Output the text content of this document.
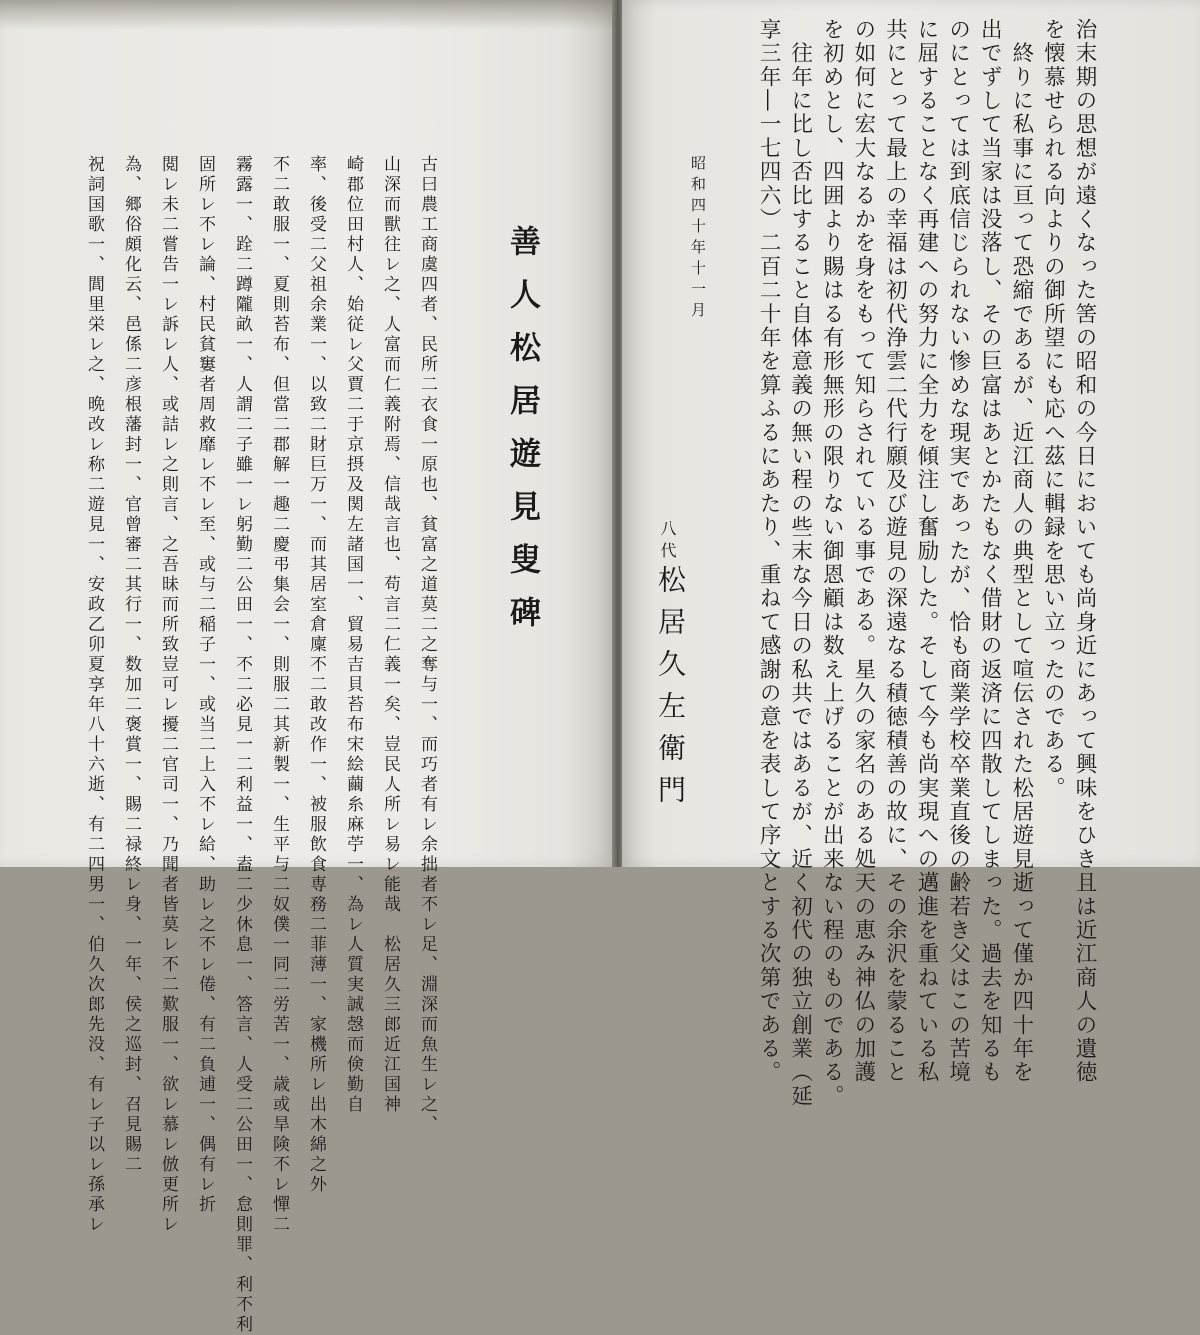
善人松居遊見叟碑
古曰農工商虞四者、民所二衣食一原也、貧富之道莫二之奪与一、而巧者有レ余拙者不レ足、淵深而魚生レ之、
山深而獸往レ之、人富而仁義附焉、信哉言也、苟言二仁義一矣、豈民人所レ易レ能哉　松居久三郎近江国神
崎郡位田村人、始従レ父賈二于京摂及関左諸国一、貿易吉貝苔布宋絵繭糸麻苧一、為レ人質実誠愨而倹勤自
率、後受二父祖余業一、以致二財巨万一、而其居室倉廩不二敢改作一、被服飲食専務二菲薄一、家機所レ出木綿之外
不二敢服一、夏則苔布、但當二郡解一趣二慶弔集会一、則服二其新製一、生平与二奴僕一同二労苦一、歳或旱険不レ憚二
霧露一、跧二蹲隴畝一、人謂二子雖一レ躬勤二公田一、不二必見一二利益一、盍二少休息一、答言、人受二公田一、怠則罪、利不利
固所レ不レ論、村民貧窶者周救靡レ不レ至、或与二稲子一、或当二上入不レ給、助レ之不レ倦、有二負逋一、偶有レ折
閲レ未二嘗告一レ訴レ人、或詰レ之則言、之吾昧而所致豈可レ擾二官司一、乃聞者皆莫レ不二歎服一、欲レ慕レ倣更所レ
為、郷俗頗化云、邑係二彦根藩封一、官曾審二其行一、数加二褒賞一、賜二禄終レ身、一年、侯之巡封、召見賜二
祝詞国歌一、閭里栄レ之、晩改レ称二遊見一、安政乙卯夏享年八十六逝、有二四男一、伯久次郎先没、有レ子以レ孫承レ	治末期の思想が遠くなった筈の昭和の今日においても尚身近にあって興味をひき且は近江商人の遺徳
を懐慕せられる向よりの御所望にも応へ茲に輯録を思い立ったのである。
　終りに私事に亘って恐縮であるが、近江商人の典型として喧伝された松居遊見逝って僅か四十年を
出でずして当家は没落し、その巨富はあとかたもなく借財の返済に四散してしまった。過去を知るも
のにとっては到底信じられない惨めな現実であったが、恰も商業学校卒業直後の齢若き父はこの苦境
に屈することなく再建への努力に全力を傾注し奮励した。そして今も尚実現への邁進を重ねている私
共にとって最上の幸福は初代浄雲二代行願及び遊見の深遠なる積徳積善の故に、その余沢を蒙ること
の如何に宏大なるかを身をもって知らされている事である。星久の家名のある処天の恵み神仏の加護
を初めとし、四囲より賜はる有形無形の限りない御恩顧は数え上げることが出来ない程のものである。
　往年に比し否比すること自体意義の無い程の些末な今日の私共ではあるが、近く初代の独立創業（延
享三年―一七四六）二百二十年を算ふるにあたり、重ねて感謝の意を表して序文とする次第である。
昭和四十年十一月
八代
松居久左衛門
